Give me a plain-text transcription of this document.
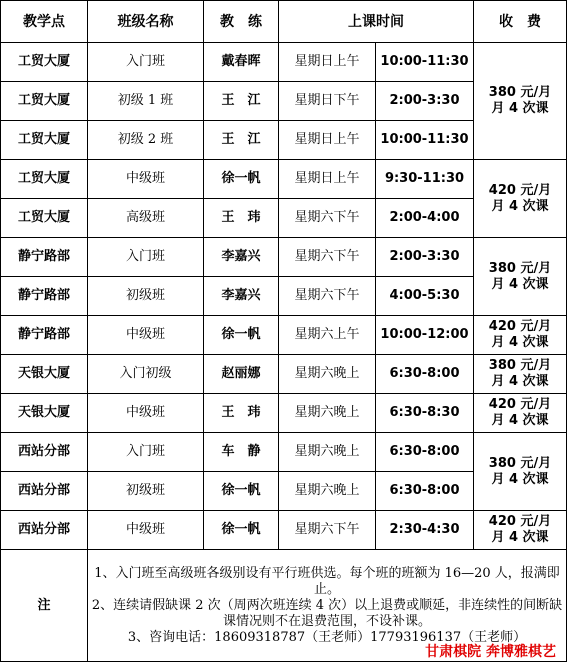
教学点	班级名称	教　练	上课时间		收　费
工贸大厦	入门班	戴春晖	星期日上午	10:00-11:30	380 元/月
月 4 次课
工贸大厦	初级 1 班	王　江	星期日下午	2:00-3:30	
工贸大厦	初级 2 班	王　江	星期日上午	10:00-11:30	
工贸大厦	中级班	徐一帆	星期日上午	9:30-11:30	420 元/月
月 4 次课
工贸大厦	高级班	王　玮	星期六下午	2:00-4:00	
静宁路部	入门班	李嘉兴	星期六下午	2:00-3:30	380 元/月
月 4 次课
静宁路部	初级班	李嘉兴	星期六下午	4:00-5:30	
静宁路部	中级班	徐一帆	星期六上午	10:00-12:00	420 元/月
月 4 次课
天银大厦	入门初级	赵丽娜	星期六晚上	6:30-8:00	380 元/月
月 4 次课
天银大厦	中级班	王　玮	星期六晚上	6:30-8:30	420 元/月
月 4 次课
西站分部	入门班	车　静	星期六晚上	6:30-8:00	380 元/月
月 4 次课
西站分部	初级班	徐一帆	星期六晚上	6:30-8:00	
西站分部	中级班	徐一帆	星期六下午	2:30-4:30	420 元/月
月 4 次课
注	1、入门班至高级班各级别设有平行班供选。每个班的班额为 16—20 人，报满即止。
2、连续请假缺课 2 次（周两次班连续 4 次）以上退费或顺延，非连续性的间断缺课情况则不在退费范围，不设补课。
3、咨询电话：18609318787（王老师）17793196137（王老师）
甘肃棋院 奔博雅棋艺				
